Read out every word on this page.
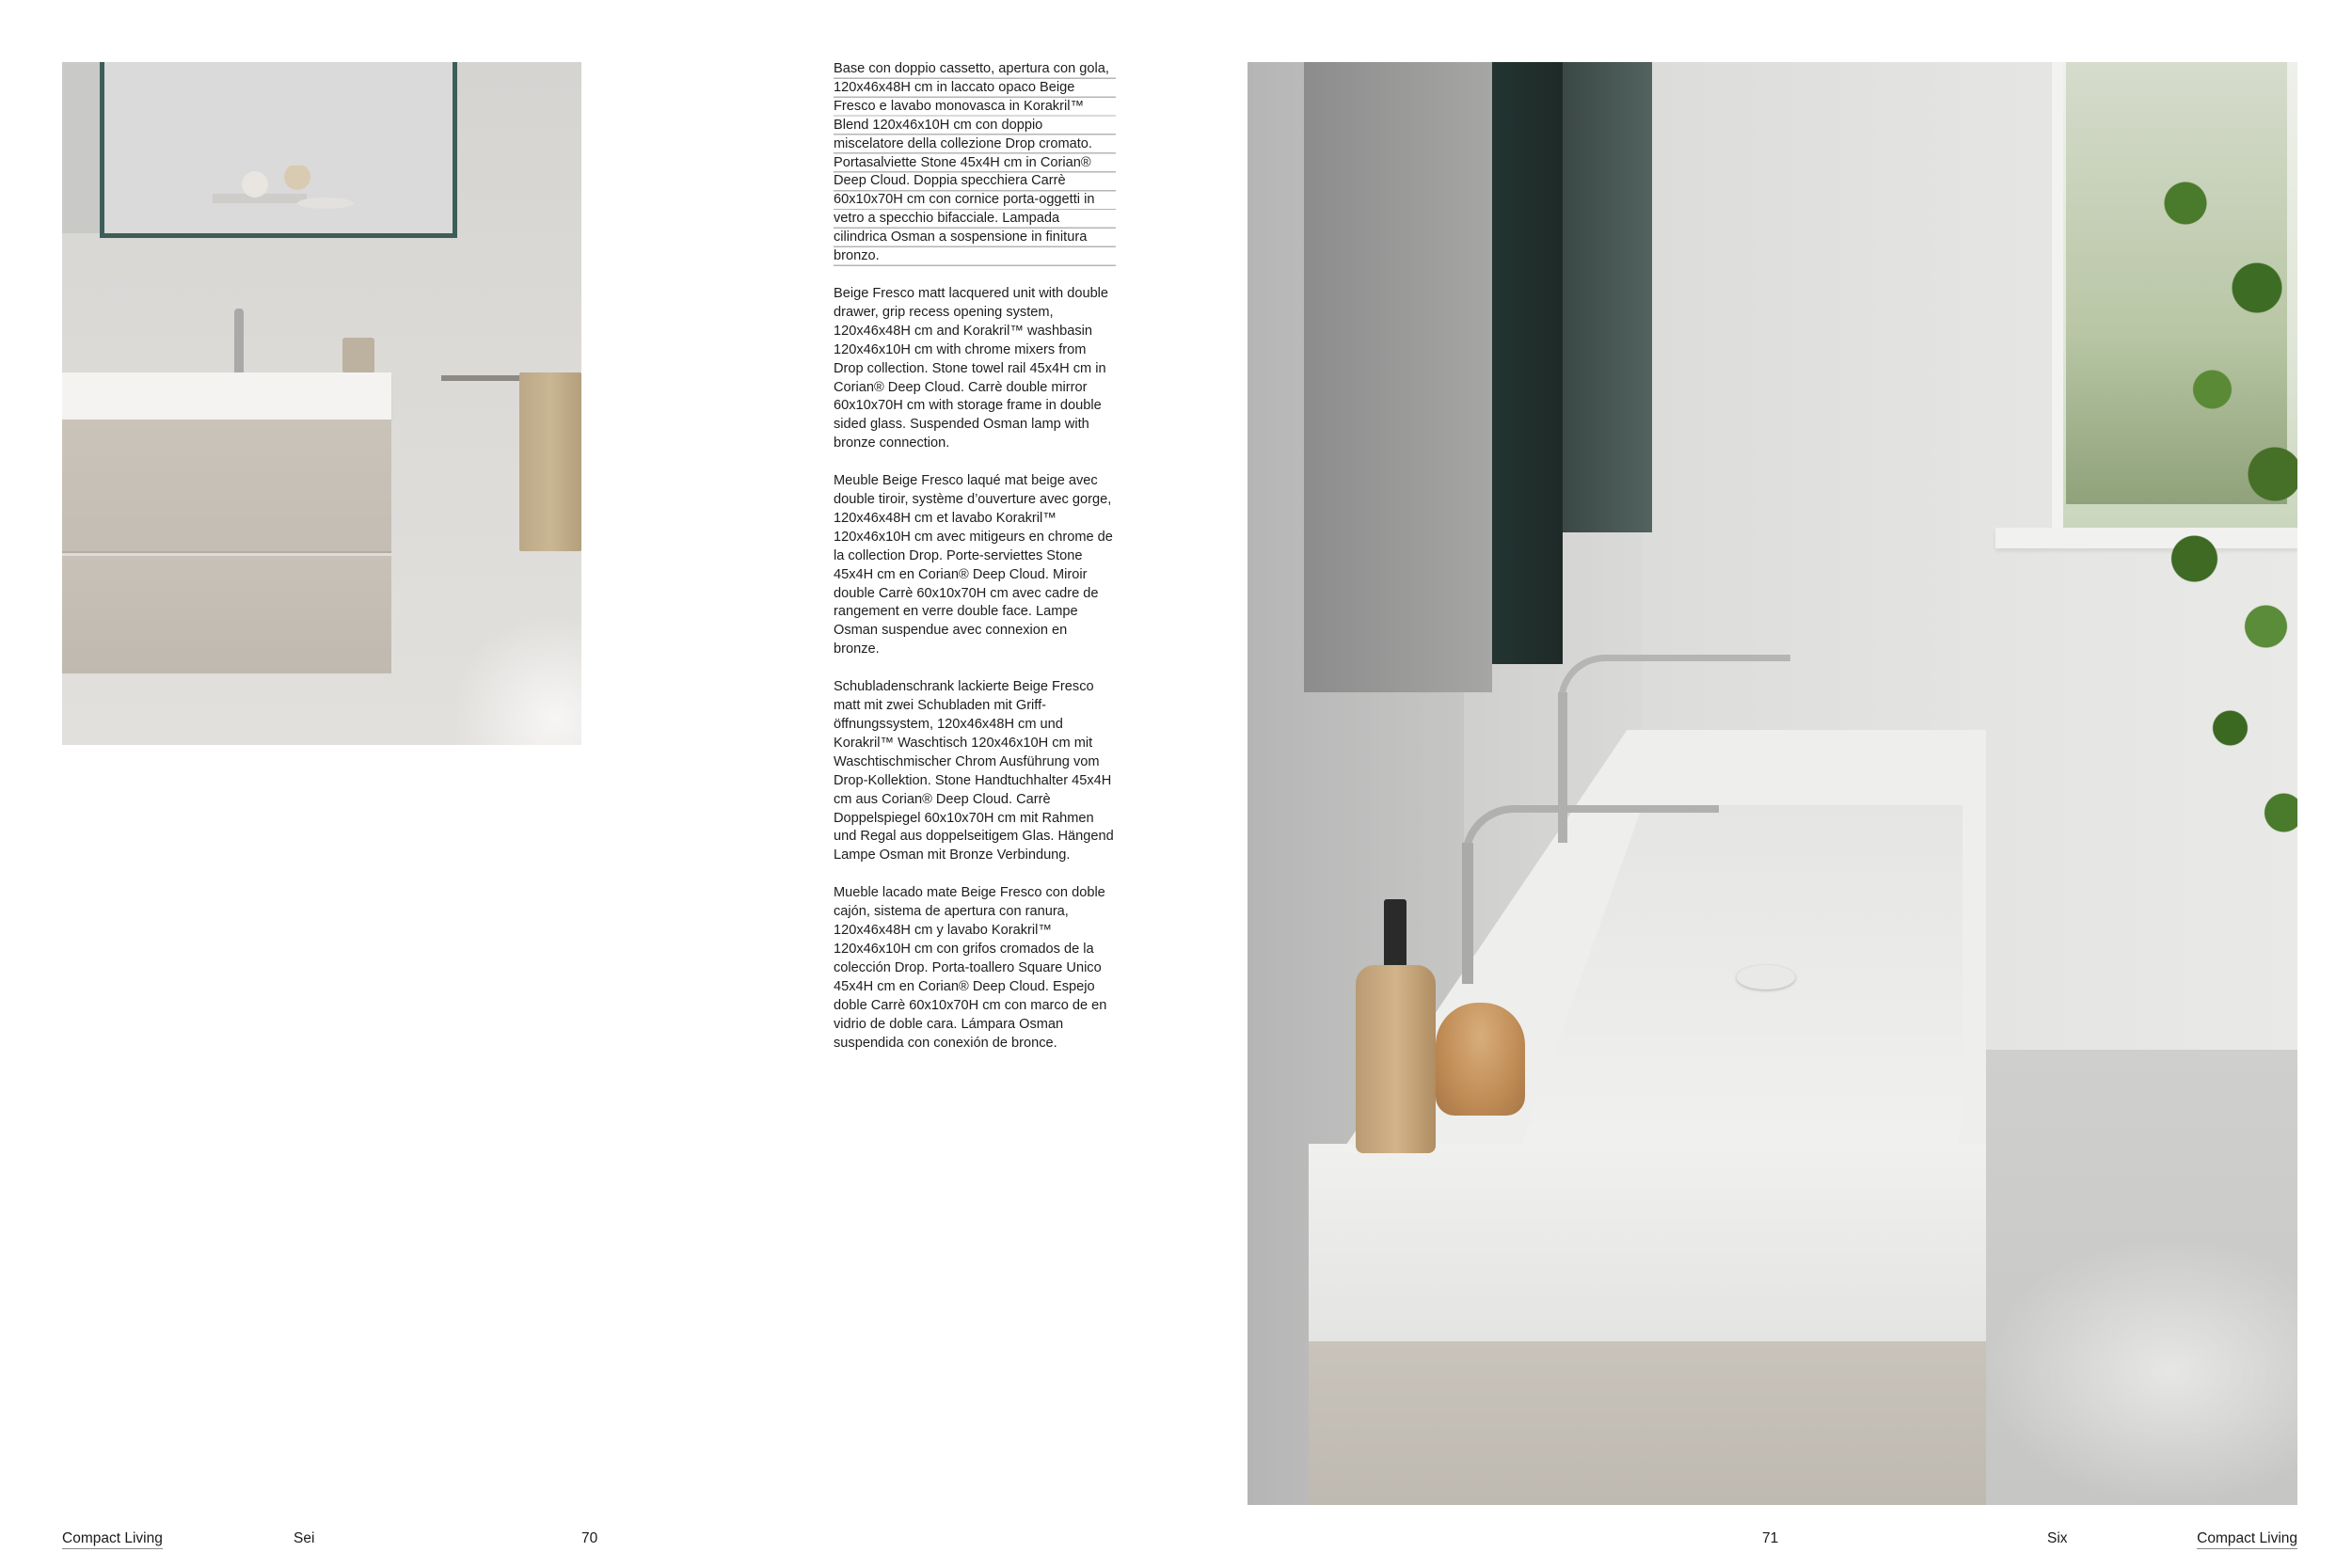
Base con doppio cassetto, apertura con gola, 120x46x48H cm in laccato opaco Beige Fresco e lavabo monovasca in Korakril™ Blend 120x46x10H cm con doppio miscelatore della collezione Drop cromato. Portasalviette Stone 45x4H cm in Corian® Deep Cloud. Doppia specchiera Carrè 60x10x70H cm con cornice porta-oggetti in vetro a specchio bifacciale. Lampada cilindrica Osman a sospensione in finitura bronzo.

Beige Fresco matt lacquered unit with double drawer, grip recess opening system, 120x46x48H cm and Korakril™ washbasin 120x46x10H cm with chrome mixers from Drop collection. Stone towel rail 45x4H cm in Corian® Deep Cloud. Carrè double mirror 60x10x70H cm with storage frame in double sided glass. Suspended Osman lamp with bronze connection.

Meuble Beige Fresco laqué mat beige avec double tiroir, système d’ouverture avec gorge, 120x46x48H cm et lavabo Korakril™ 120x46x10H cm avec mitigeurs en chrome de la collection Drop. Porte-serviettes Stone 45x4H cm en Corian® Deep Cloud. Miroir double Carrè 60x10x70H cm avec cadre de rangement en verre double face. Lampe Osman suspendue avec connexion en bronze.

Schubladenschrank lackierte Beige Fresco matt mit zwei Schubladen mit Griff-öffnungssystem, 120x46x48H cm und Korakril™ Waschtisch 120x46x10H cm mit Waschtischmischer Chrom Ausführung vom Drop-Kollektion. Stone Handtuchhalter 45x4H cm aus Corian® Deep Cloud. Carrè Doppelspiegel 60x10x70H cm mit Rahmen und Regal aus doppelseitigem Glas. Hängend Lampe Osman mit Bronze Verbindung.

Mueble lacado mate Beige Fresco con doble cajón, sistema de apertura con ranura, 120x46x48H cm y lavabo Korakril™ 120x46x10H cm con grifos cromados de la colección Drop. Porta-toallero Square Unico 45x4H cm en Corian® Deep Cloud. Espejo doble Carrè 60x10x70H cm con marco de en vidrio de doble cara. Lámpara Osman suspendida con conexión de bronce.

Compact Living	Sei	70	71	Six	Compact Living
